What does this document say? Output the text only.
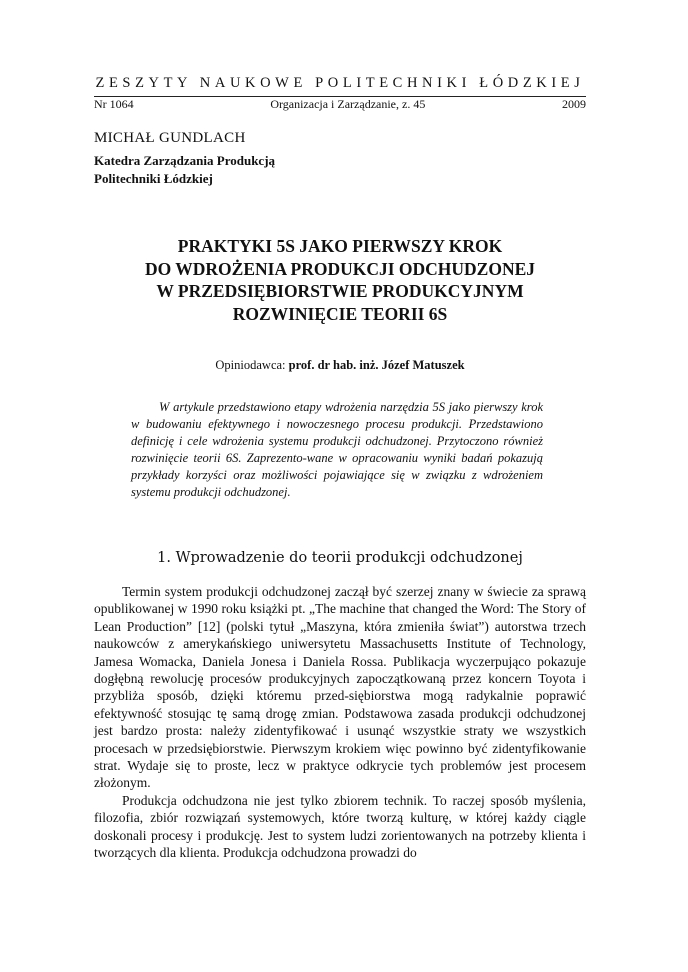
ZESZYTY NAUKOWE POLITECHNIKI ŁÓDZKIEJ
Nr 1064	Organizacja i Zarządzanie, z. 45	2009
MICHAŁ GUNDLACH
Katedra Zarządzania Produkcją
Politechniki Łódzkiej
PRAKTYKI 5S JAKO PIERWSZY KROK
DO WDROŻENIA PRODUKCJI ODCHUDZONEJ
W PRZEDSIĘBIORSTWIE PRODUKCYJNYM
ROZWINIĘCIE TEORII 6S
Opiniodawca: prof. dr hab. inż. Józef Matuszek

W artykule przedstawiono etapy wdrożenia narzędzia 5S jako pierwszy krok w budowaniu efektywnego i nowoczesnego procesu produkcji. Przedstawiono definicję i cele wdrożenia systemu produkcji odchudzonej. Przytoczono również rozwinięcie teorii 6S. Zaprezento-wane w opracowaniu wyniki badań pokazują przykłady korzyści oraz możliwości pojawiające się w związku z wdrożeniem systemu produkcji odchudzonej.

1. Wprowadzenie do teorii produkcji odchudzonej

Termin system produkcji odchudzonej zaczął być szerzej znany w świecie za sprawą opublikowanej w 1990 roku książki pt. „The machine that changed the Word: The Story of Lean Production” [12] (polski tytuł „Maszyna, która zmieniła świat”) autorstwa trzech naukowców z amerykańskiego uniwersytetu Massachusetts Institute of Technology, Jamesa Womacka, Daniela Jonesa i Daniela Rossa. Publikacja wyczerpująco pokazuje dogłębną rewolucję procesów produkcyjnych zapoczątkowaną przez koncern Toyota i przybliża sposób, dzięki któremu przed-siębiorstwa mogą radykalnie poprawić efektywność stosując tę samą drogę zmian. Podstawowa zasada produkcji odchudzonej jest bardzo prosta: należy zidentyfikować i usunąć wszystkie straty we wszystkich procesach w przedsiębiorstwie. Pierwszym krokiem więc powinno być zidentyfikowanie strat. Wydaje się to proste, lecz w praktyce odkrycie tych problemów jest procesem złożonym.

Produkcja odchudzona nie jest tylko zbiorem technik. To raczej sposób myślenia, filozofia, zbiór rozwiązań systemowych, które tworzą kulturę, w której każdy ciągle doskonali procesy i produkcję. Jest to system ludzi zorientowanych na potrzeby klienta i tworzących dla klienta. Produkcja odchudzona prowadzi do
